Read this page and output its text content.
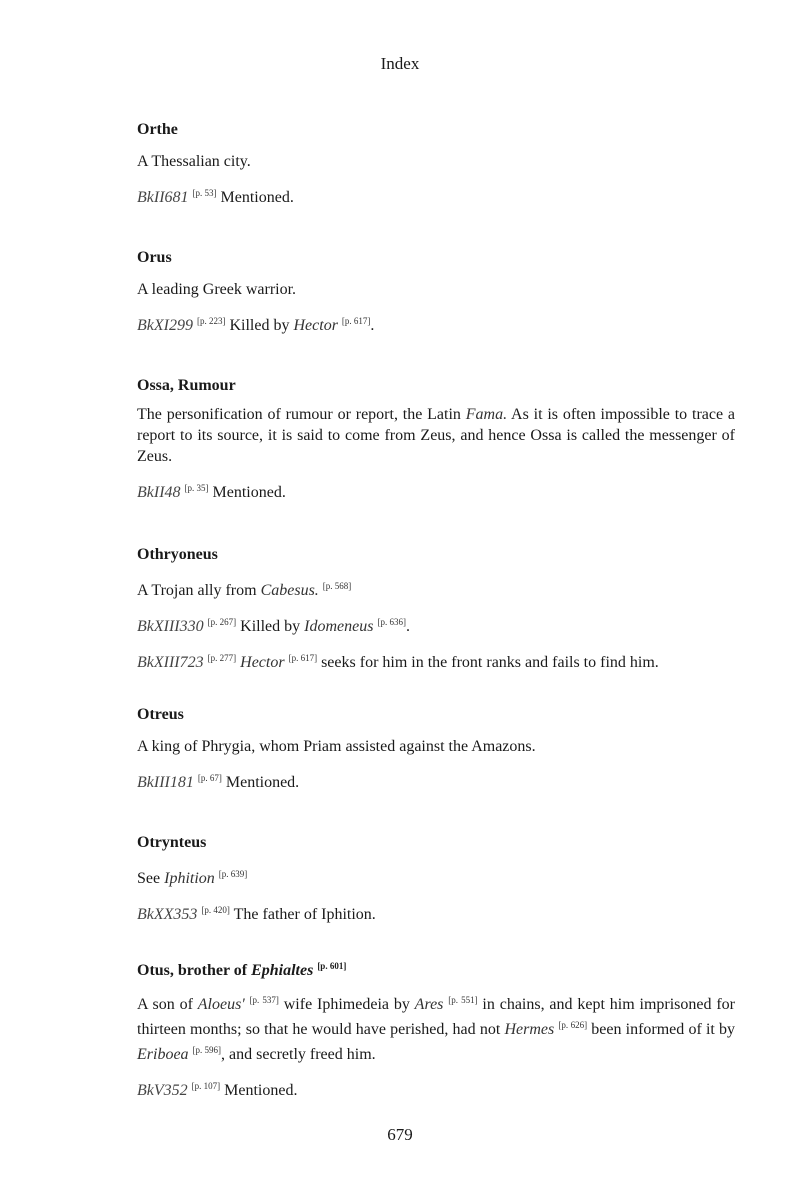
Index

Orthe

A Thessalian city.

BkII681 [p. 53] Mentioned.

Orus

A leading Greek warrior.

BkXI299 [p. 223] Killed by Hector [p. 617].

Ossa, Rumour

The personification of rumour or report, the Latin Fama. As it is often impossible to trace a report to its source, it is said to come from Zeus, and hence Ossa is called the messenger of Zeus.

BkII48 [p. 35] Mentioned.

Othryoneus

A Trojan ally from Cabesus. [p. 568]

BkXIII330 [p. 267] Killed by Idomeneus [p. 636].

BkXIII723 [p. 277] Hector [p. 617] seeks for him in the front ranks and fails to find him.

Otreus

A king of Phrygia, whom Priam assisted against the Amazons.

BkIII181 [p. 67] Mentioned.

Otrynteus

See Iphition [p. 639]

BkXX353 [p. 420] The father of Iphition.

Otus, brother of Ephialtes [p. 601]

A son of Aloeus' [p. 537] wife Iphimedeia by Ares [p. 551] in chains, and kept him imprisoned for thirteen months; so that he would have perished, had not Hermes [p. 626] been informed of it by Eriboea [p. 596], and secretly freed him.

BkV352 [p. 107] Mentioned.

679
